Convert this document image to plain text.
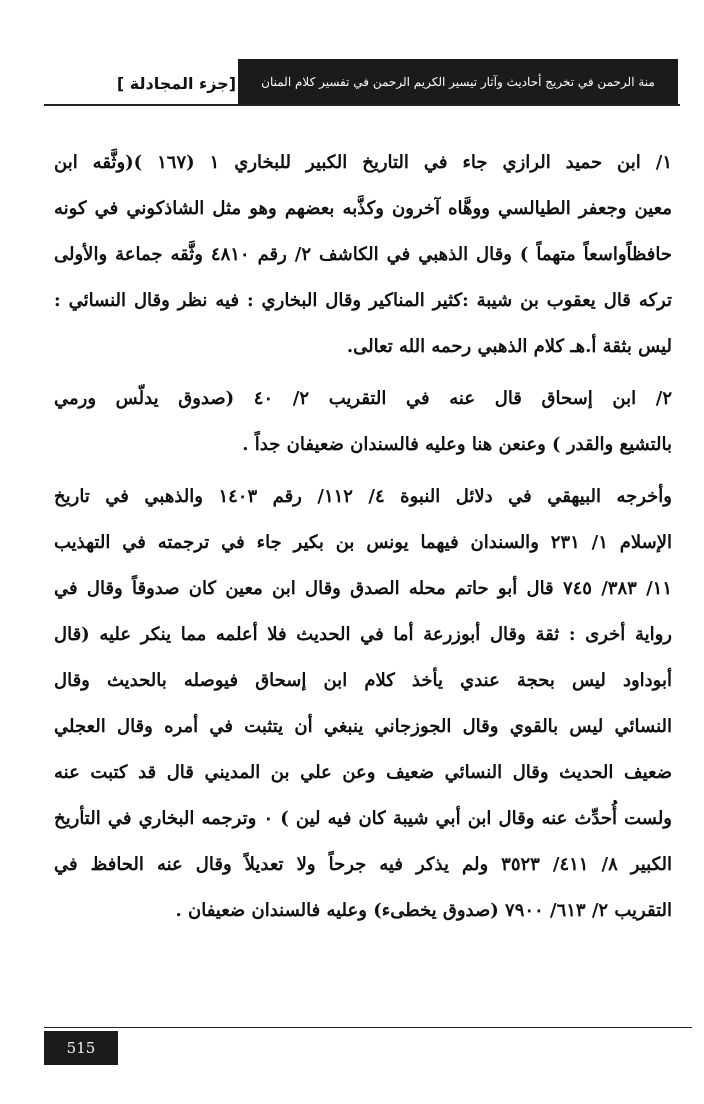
منة الرحمن في تخريج أحاديث وآثار تيسير الكريم الرحمن في تفسير كلام المنان
[جزء المجادلة ]
١/ ابن حميد الرازي جاء في التاريخ الكبير للبخاري ١ (١٦٧ )(وثَّقه ابن
معين وجعفر الطيالسي ووهَّاه آخرون وكذَّبه بعضهم وهو مثل الشاذكوني في كونه
حافظاًواسعاً متهماً ) وقال الذهبي في الكاشف ٢/ رقم ٤٨١٠ وثَّقه جماعة والأولى
تركه قال يعقوب بن شيبة :كثير المناكير وقال البخاري : فيه نظر وقال النسائي :
ليس بثقة أ.هـ كلام الذهبي رحمه الله تعالى.
٢/ ابن إسحاق قال عنه في التقريب ٢/ ٤٠ (صدوق يدلّس ورمي
بالتشيع والقدر ) وعنعن هنا وعليه فالسندان ضعيفان جداً .
وأخرجه البيهقي في دلائل النبوة ٤/ ١١٢/ رقم ١٤٠٣ والذهبي في تاريخ
الإسلام ١/ ٢٣١ والسندان فيهما يونس بن بكير جاء في ترجمته في التهذيب
١١/ ٣٨٣/ ٧٤٥ قال أبو حاتم محله الصدق وقال ابن معين كان صدوقاً وقال في
رواية أخرى : ثقة وقال أبوزرعة أما في الحديث فلا أعلمه مما ينكر عليه (قال
أبوداود ليس بحجة عندي يأخذ كلام ابن إسحاق فيوصله بالحديث وقال
النسائي ليس بالقوي وقال الجوزجاني ينبغي أن يتثبت في أمره وقال العجلي
ضعيف الحديث وقال النسائي ضعيف وعن علي بن المديني قال قد كتبت عنه
ولست أُحدِّث عنه وقال ابن أبي شيبة كان فيه لين ) ٠ وترجمه البخاري في التأريخ
الكبير ٨/ ٤١١/ ٣٥٢٣ ولم يذكر فيه جرحاً ولا تعديلاً وقال عنه الحافظ في
التقريب ٢/ ٦١٣/ ٧٩٠٠ (صدوق يخطىء) وعليه فالسندان ضعيفان .
515
